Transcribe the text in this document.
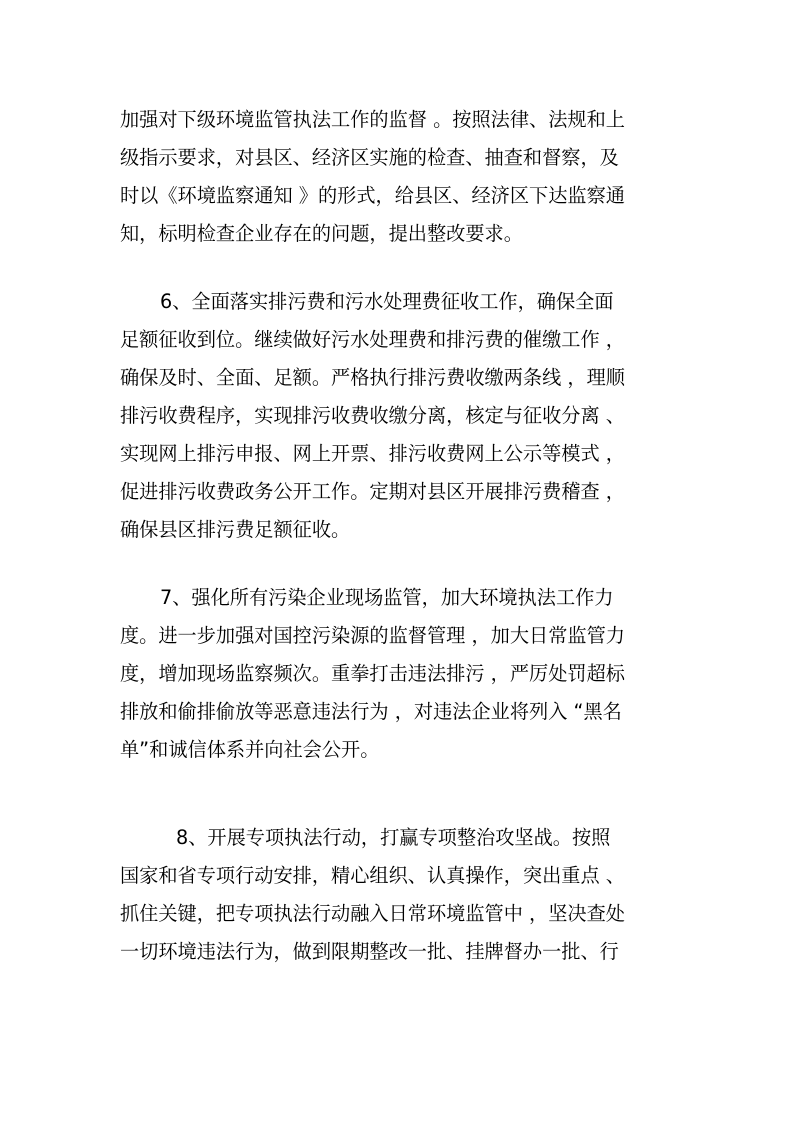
加强对下级环境监管执法工作的监督 。按照法律、法规和上
级指示要求，对县区、经济区实施的检查、抽查和督察，及
时以《环境监察通知 》的形式，给县区、经济区下达监察通
知，标明检查企业存在的问题，提出整改要求。
6、全面落实排污费和污水处理费征收工作，确保全面
足额征收到位。继续做好污水处理费和排污费的催缴工作 ，
确保及时、全面、足额。严格执行排污费收缴两条线 ，理顺
排污收费程序，实现排污收费收缴分离，核定与征收分离 、
实现网上排污申报、网上开票、排污收费网上公示等模式 ，
促进排污收费政务公开工作。定期对县区开展排污费稽查 ，
确保县区排污费足额征收。
7、强化所有污染企业现场监管，加大环境执法工作力
度。进一步加强对国控污染源的监督管理 ，加大日常监管力
度，增加现场监察频次。重拳打击违法排污 ，严厉处罚超标
排放和偷排偷放等恶意违法行为 ，对违法企业将列入 “黑名
单”和诚信体系并向社会公开。
8、开展专项执法行动，打赢专项整治攻坚战。按照
国家和省专项行动安排，精心组织、认真操作，突出重点 、
抓住关键，把专项执法行动融入日常环境监管中 ，坚决查处
一切环境违法行为，做到限期整改一批、挂牌督办一批、行
